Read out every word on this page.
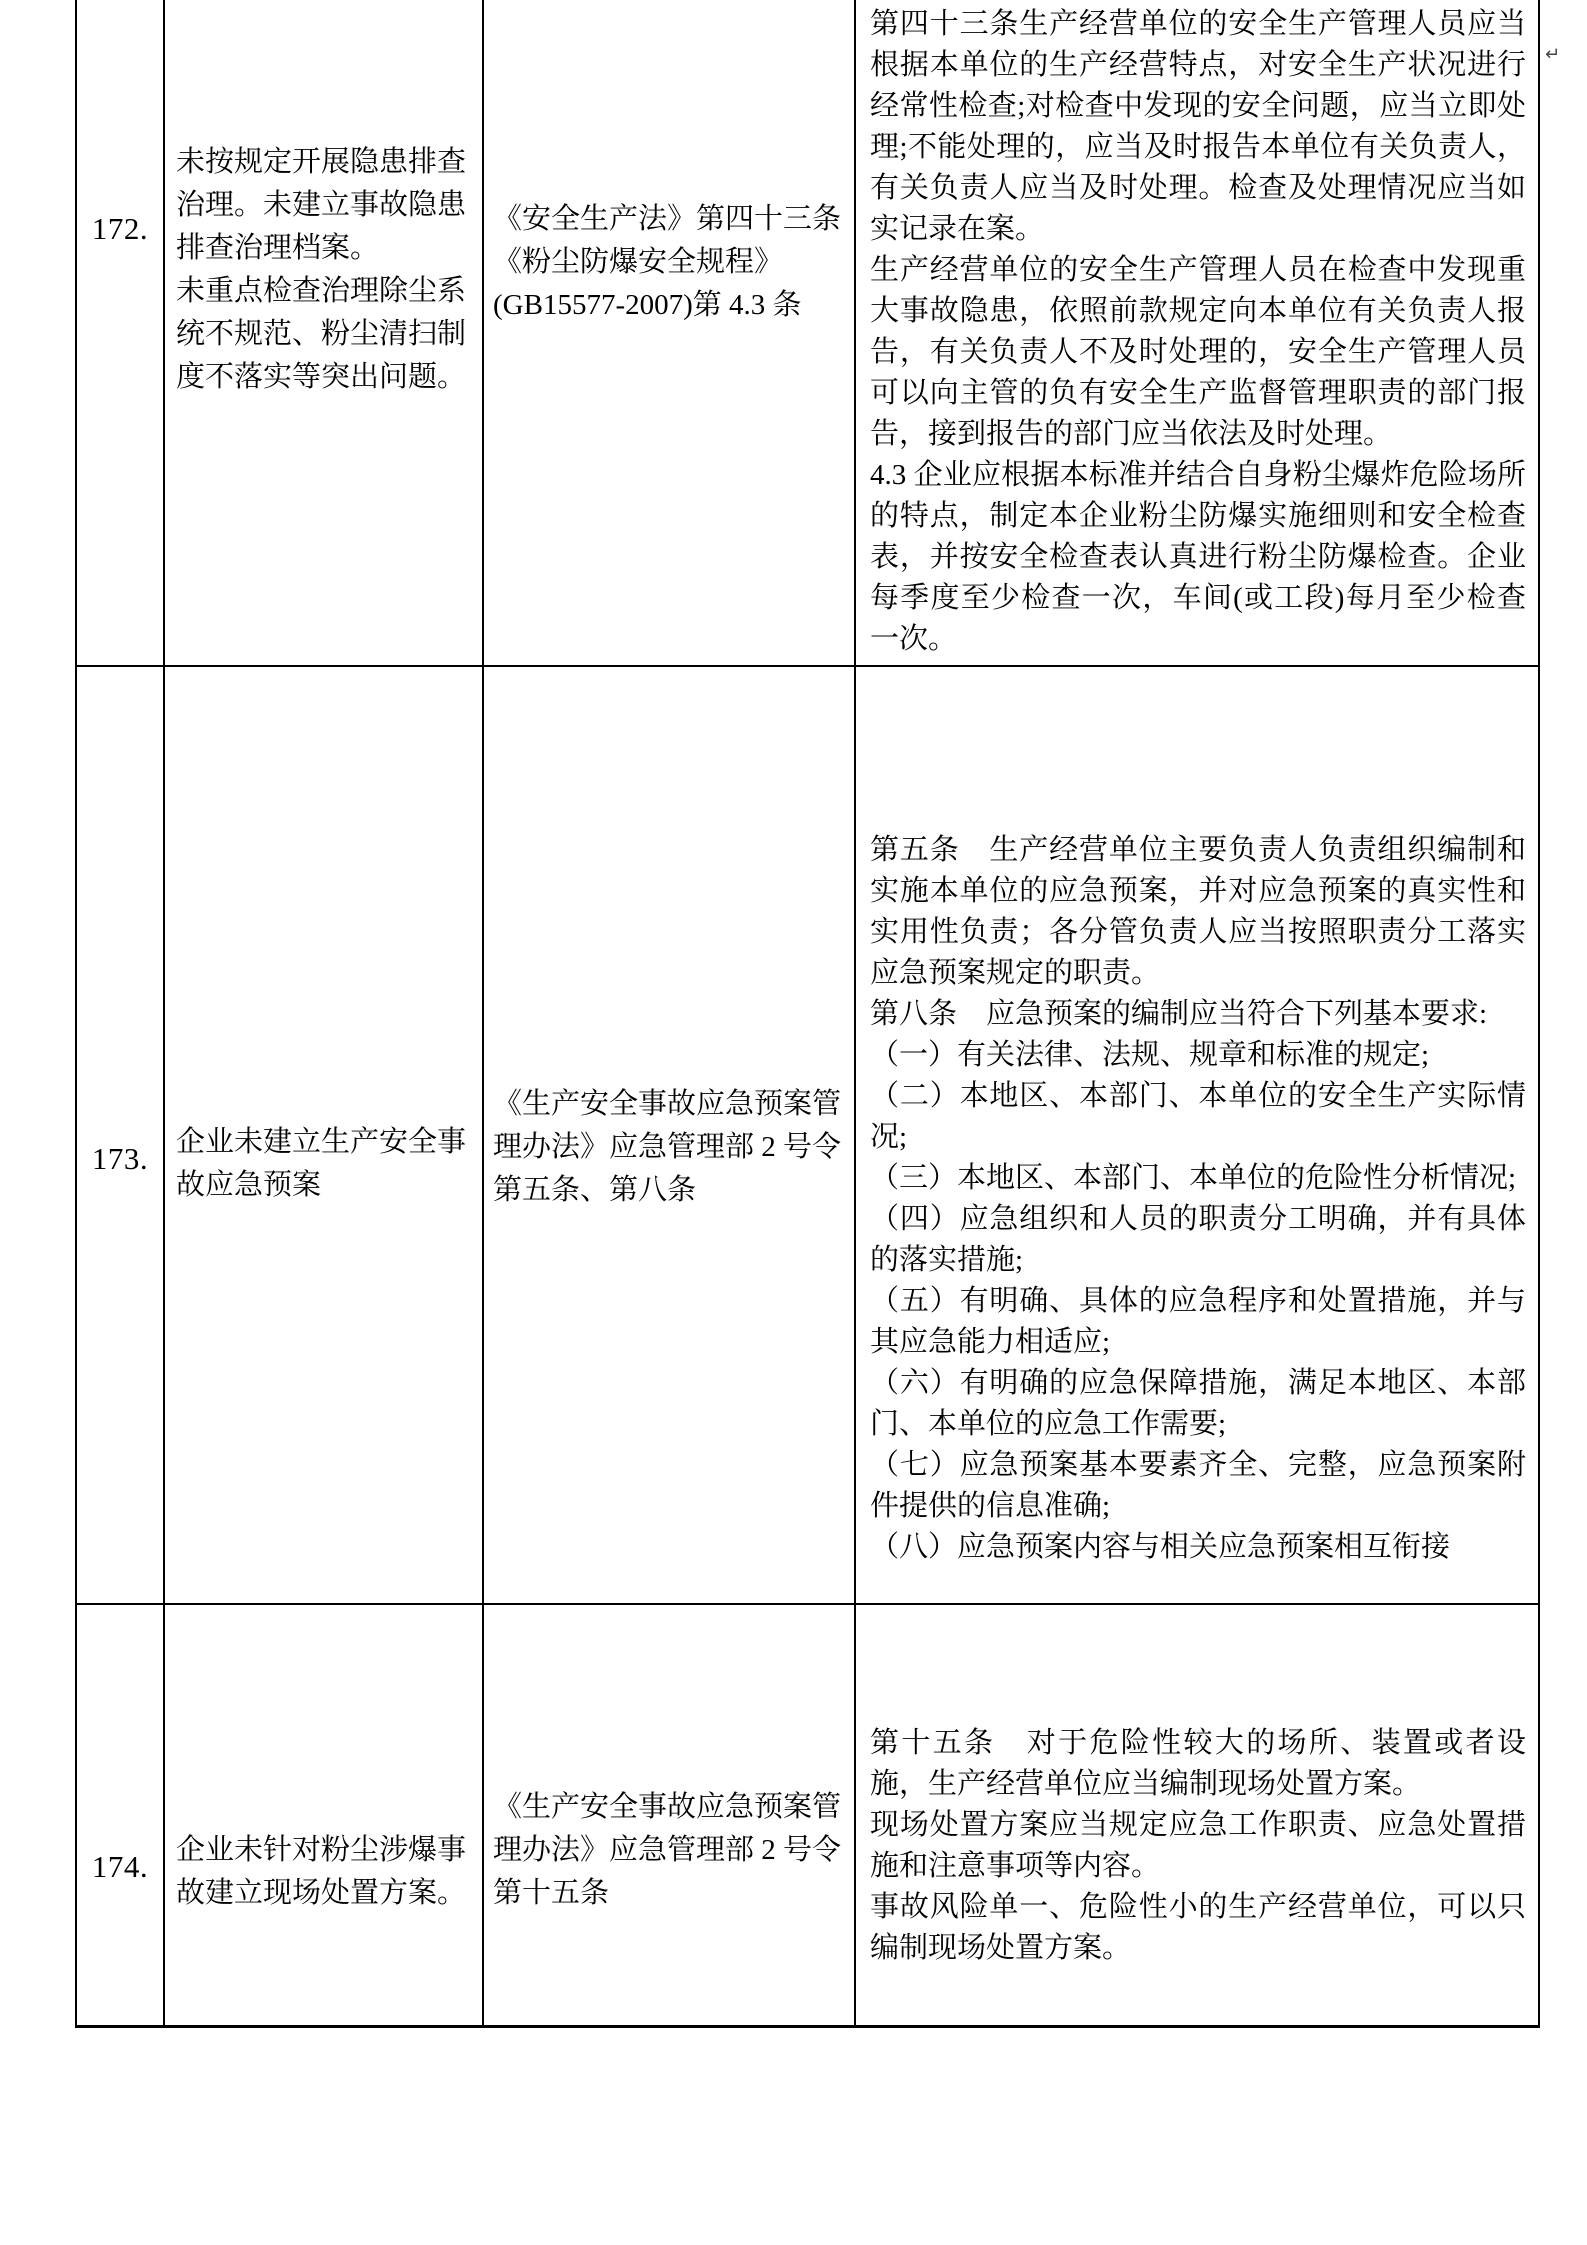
172.
未按规定开展隐患排查
治理。未建立事故隐患
排查治理档案。
未重点检查治理除尘系
统不规范、粉尘清扫制
度不落实等突出问题。
《安全生产法》第四十三条
《粉尘防爆安全规程》
(GB15577-2007)第 4.3 条
第四十三条生产经营单位的安全生产管理人员应当根据本单位的生产经营特点，对安全生产状况进行经常性检查;对检查中发现的安全问题，应当立即处理;不能处理的，应当及时报告本单位有关负责人，有关负责人应当及时处理。检查及处理情况应当如实记录在案。
生产经营单位的安全生产管理人员在检查中发现重大事故隐患，依照前款规定向本单位有关负责人报告，有关负责人不及时处理的，安全生产管理人员可以向主管的负有安全生产监督管理职责的部门报告，接到报告的部门应当依法及时处理。
4.3 企业应根据本标准并结合自身粉尘爆炸危险场所的特点，制定本企业粉尘防爆实施细则和安全检查表，并按安全检查表认真进行粉尘防爆检查。企业每季度至少检查一次，车间(或工段)每月至少检查一次。
173. 企业未建立生产安全事
故应急预案
《生产安全事故应急预案管
理办法》应急管理部 2 号令
第五条、第八条
第五条　生产经营单位主要负责人负责组织编制和实施本单位的应急预案，并对应急预案的真实性和实用性负责；各分管负责人应当按照职责分工落实应急预案规定的职责。
第八条　应急预案的编制应当符合下列基本要求:
（一）有关法律、法规、规章和标准的规定;
（二）本地区、本部门、本单位的安全生产实际情况;
（三）本地区、本部门、本单位的危险性分析情况;
（四）应急组织和人员的职责分工明确，并有具体的落实措施;
（五）有明确、具体的应急程序和处置措施，并与其应急能力相适应;
（六）有明确的应急保障措施，满足本地区、本部门、本单位的应急工作需要;
（七）应急预案基本要素齐全、完整，应急预案附件提供的信息准确;
（八）应急预案内容与相关应急预案相互衔接
174. 企业未针对粉尘涉爆事
故建立现场处置方案。
《生产安全事故应急预案管
理办法》应急管理部 2 号令
第十五条
第十五条　对于危险性较大的场所、装置或者设施，生产经营单位应当编制现场处置方案。
现场处置方案应当规定应急工作职责、应急处置措施和注意事项等内容。
事故风险单一、危险性小的生产经营单位，可以只编制现场处置方案。
↵
